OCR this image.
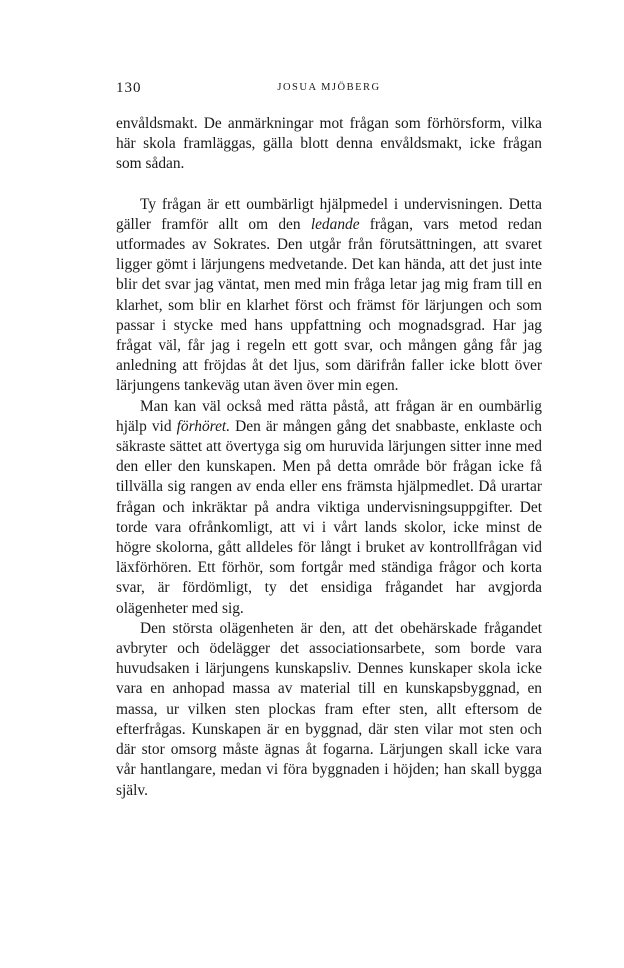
130	JOSUA MJÖBERG

envåldsmakt. De anmärkningar mot frågan som förhörsform, vilka här skola framläggas, gälla blott denna envåldsmakt, icke frågan som sådan.

Ty frågan är ett oumbärligt hjälpmedel i undervisningen. Detta gäller framför allt om den ledande frågan, vars metod redan utformades av Sokrates. Den utgår från förutsättningen, att svaret ligger gömt i lärjungens medvetande. Det kan hända, att det just inte blir det svar jag väntat, men med min fråga letar jag mig fram till en klarhet, som blir en klarhet först och främst för lärjungen och som passar i stycke med hans uppfattning och mognadsgrad. Har jag frågat väl, får jag i regeln ett gott svar, och mången gång får jag anledning att fröjdas åt det ljus, som därifrån faller icke blott över lärjungens tankeväg utan även över min egen.

Man kan väl också med rätta påstå, att frågan är en oumbärlig hjälp vid förhöret. Den är mången gång det snabbaste, enklaste och säkraste sättet att övertyga sig om huruvida lärjungen sitter inne med den eller den kunskapen. Men på detta område bör frågan icke få tillvälla sig rangen av enda eller ens främsta hjälpmedlet. Då urartar frågan och inkräktar på andra viktiga undervisningsuppgifter. Det torde vara ofrånkomligt, att vi i vårt lands skolor, icke minst de högre skolorna, gått alldeles för långt i bruket av kontrollfrågan vid läxförhören. Ett förhör, som fortgår med ständiga frågor och korta svar, är fördömligt, ty det ensidiga frågandet har avgjorda olägenheter med sig.

Den största olägenheten är den, att det obehärskade frågandet avbryter och ödelägger det associationsarbete, som borde vara huvudsaken i lärjungens kunskapsliv. Dennes kunskaper skola icke vara en anhopad massa av material till en kunskapsbyggnad, en massa, ur vilken sten plockas fram efter sten, allt eftersom de efterfrågas. Kunskapen är en byggnad, där sten vilar mot sten och där stor omsorg måste ägnas åt fogarna. Lärjungen skall icke vara vår hantlangare, medan vi föra byggnaden i höjden; han skall bygga själv.
